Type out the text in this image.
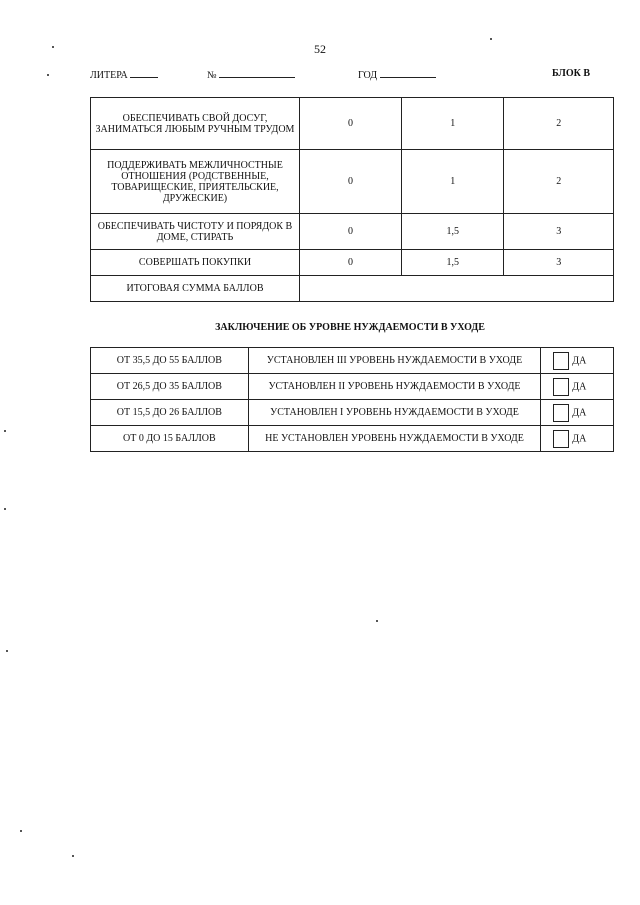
52
ЛИТЕРА	№	ГОД	БЛОК В
ОБЕСПЕЧИВАТЬ СВОЙ ДОСУГ, ЗАНИМАТЬСЯ ЛЮБЫМ РУЧНЫМ ТРУДОМ	0	1	2
ПОДДЕРЖИВАТЬ МЕЖЛИЧНОСТНЫЕ ОТНОШЕНИЯ (РОДСТВЕННЫЕ, ТОВАРИЩЕСКИЕ, ПРИЯТЕЛЬСКИЕ, ДРУЖЕСКИЕ)	0	1	2
ОБЕСПЕЧИВАТЬ ЧИСТОТУ И ПОРЯДОК В ДОМЕ, СТИРАТЬ	0	1,5	3
СОВЕРШАТЬ ПОКУПКИ	0	1,5	3
ИТОГОВАЯ СУММА БАЛЛОВ			
ЗАКЛЮЧЕНИЕ ОБ УРОВНЕ НУЖДАЕМОСТИ В УХОДЕ
ОТ 35,5 ДО 55 БАЛЛОВ	УСТАНОВЛЕН III УРОВЕНЬ НУЖДАЕМОСТИ В УХОДЕ	ДА
ОТ 26,5 ДО 35 БАЛЛОВ	УСТАНОВЛЕН II УРОВЕНЬ НУЖДАЕМОСТИ В УХОДЕ	ДА
ОТ 15,5 ДО 26 БАЛЛОВ	УСТАНОВЛЕН I УРОВЕНЬ НУЖДАЕМОСТИ В УХОДЕ	ДА
ОТ 0 ДО 15 БАЛЛОВ	НЕ УСТАНОВЛЕН УРОВЕНЬ НУЖДАЕМОСТИ В УХОДЕ	ДА
